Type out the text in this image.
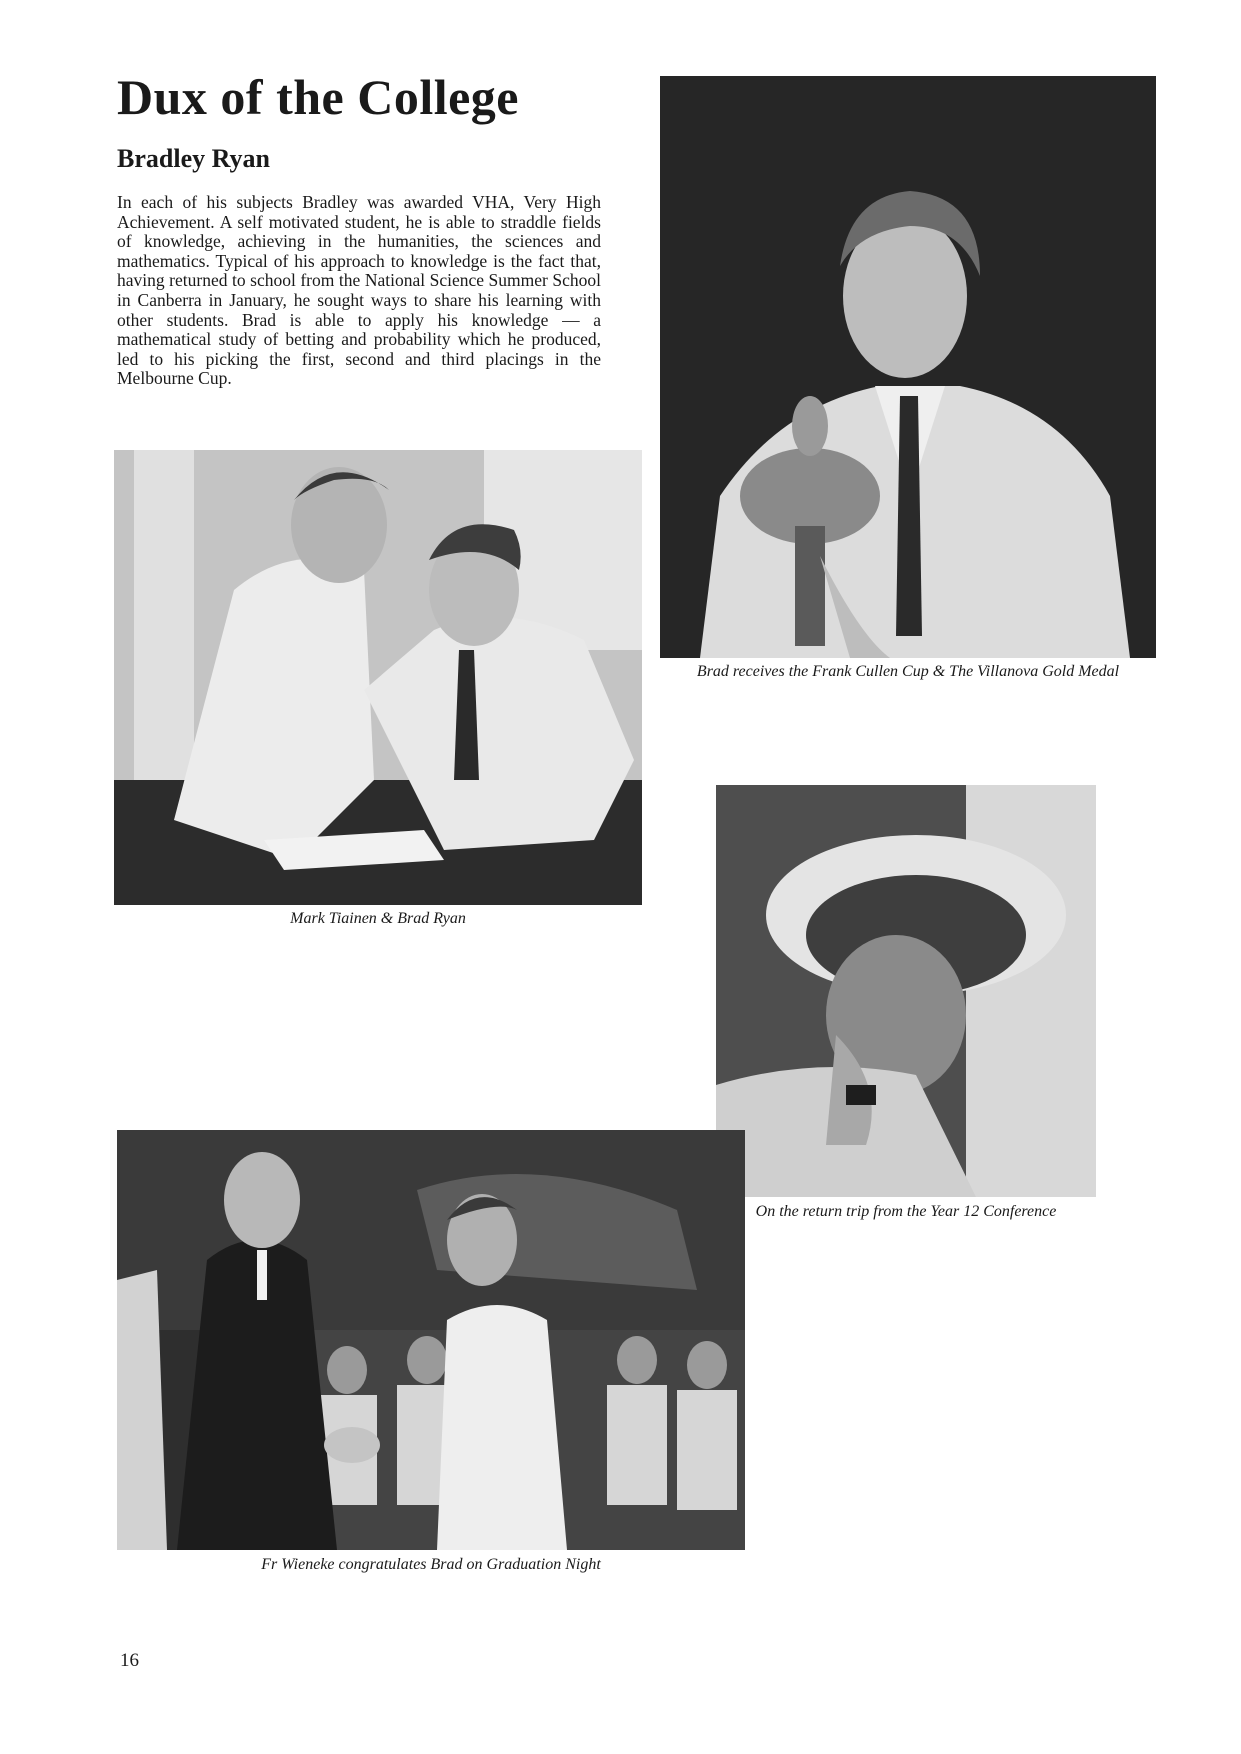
Dux of the College
Bradley Ryan

In each of his subjects Bradley was awarded VHA, Very High Achievement. A self motivated student, he is able to straddle fields of knowledge, achieving in the humanities, the sciences and mathematics. Typical of his approach to knowledge is the fact that, having returned to school from the National Science Summer School in Canberra in January, he sought ways to share his learning with other students. Brad is able to apply his knowledge — a mathematical study of betting and probability which he produced, led to his picking the first, second and third placings in the Melbourne Cup.

Brad receives the Frank Cullen Cup & The Villanova Gold Medal

Mark Tiainen & Brad Ryan

On the return trip from the Year 12 Conference

Fr Wieneke congratulates Brad on Graduation Night

16
